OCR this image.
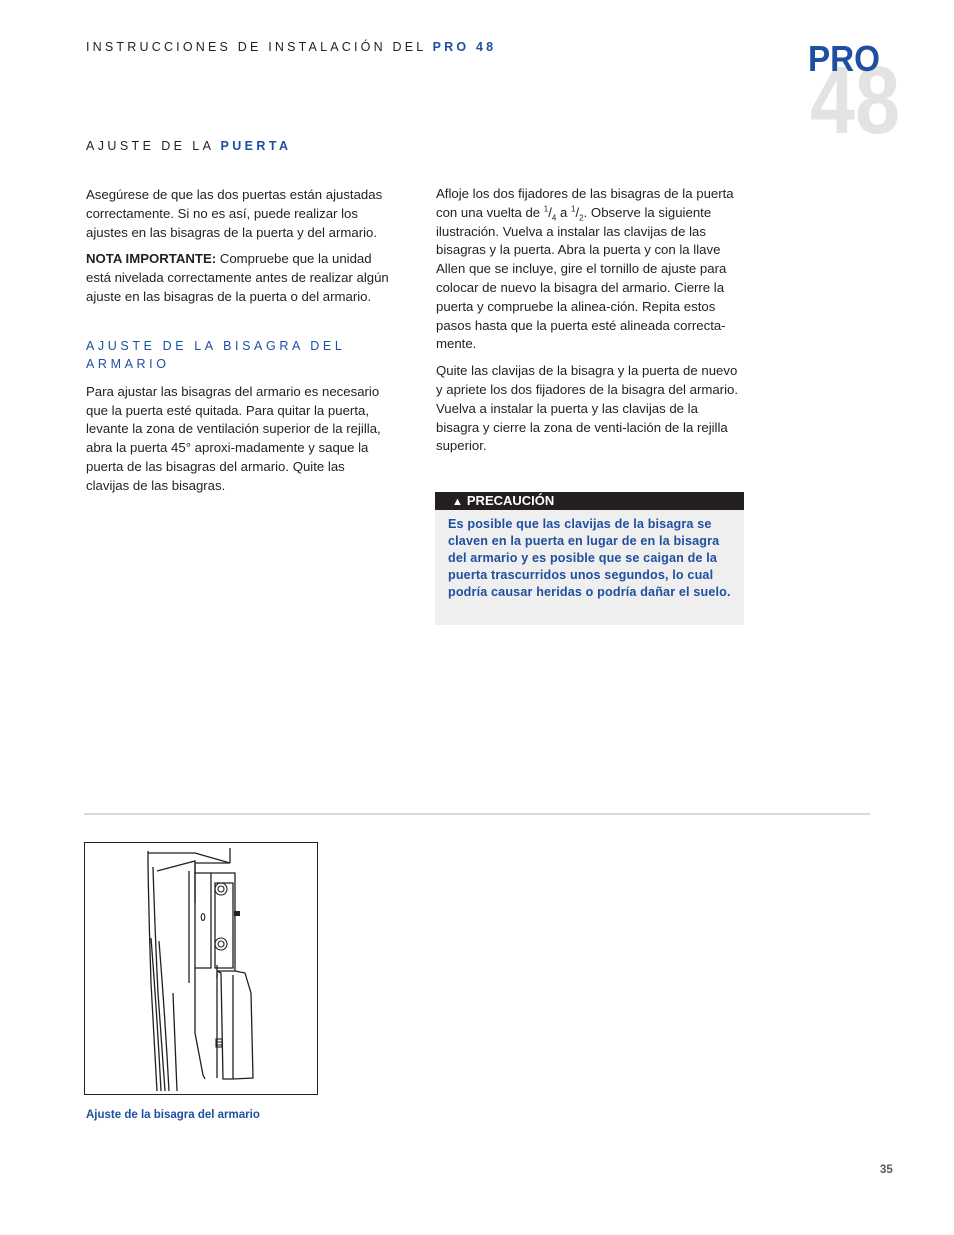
INSTRUCCIONES DE INSTALACIÓN DEL PRO 48	48
PRO
AJUSTE DE LA PUERTA

Asegúrese de que las dos puertas están ajustadas correctamente. Si no es así, puede realizar los ajustes en las bisagras de la puerta y del armario.

NOTA IMPORTANTE: Compruebe que la unidad está nivelada correctamente antes de realizar algún ajuste en las bisagras de la puerta o del armario.

AJUSTE DE LA BISAGRA DEL ARMARIO

Para ajustar las bisagras del armario es necesario que la puerta esté quitada. Para quitar la puerta, levante la zona de ventilación superior de la rejilla, abra la puerta 45° aproxi-madamente y saque la puerta de las bisagras del armario. Quite las clavijas de las bisagras.

Afloje los dos fijadores de las bisagras de la puerta con una vuelta de $^1/_4$ a $^1/_2$. Observe la siguiente ilustración. Vuelva a instalar las clavijas de las bisagras y la puerta. Abra la puerta y con la llave Allen que se incluye, gire el tornillo de ajuste para colocar de nuevo la bisagra del armario. Cierre la puerta y compruebe la alinea-ción. Repita estos pasos hasta que la puerta esté alineada correcta-mente.

Quite las clavijas de la bisagra y la puerta de nuevo y apriete los dos fijadores de la bisagra del armario. Vuelva a instalar la puerta y las clavijas de la bisagra y cierre la zona de venti-lación de la rejilla superior.

▲ PRECAUCIÓN
Es posible que las clavijas de la bisagra se claven en la puerta en lugar de en la bisagra del armario y es posible que se caigan de la puerta trascurridos unos segundos, lo cual podría causar heridas o podría dañar el suelo.
Ajuste de la bisagra del armario
35
